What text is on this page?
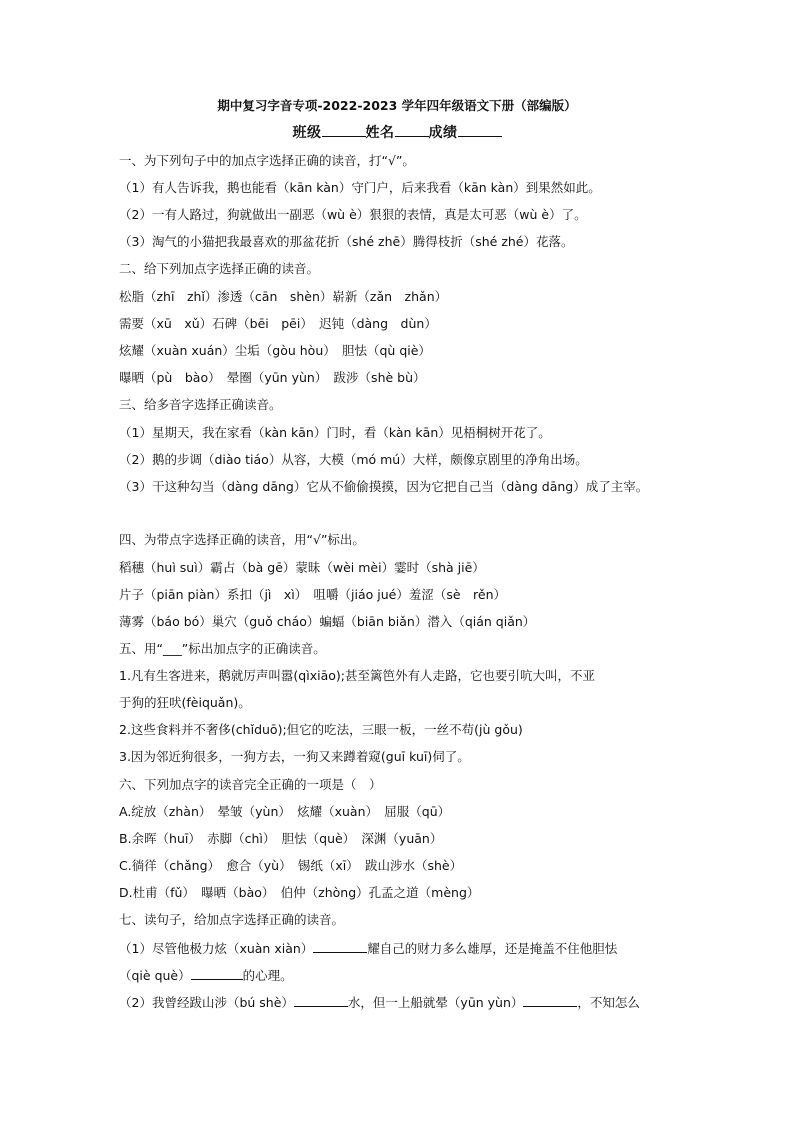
期中复习字音专项-2022-2023 学年四年级语文下册（部编版）
班级	姓名 成绩
一、为下列句子中的加点字选择正确的读音，打“√”。
（1）有人告诉我，鹅也能看（kān kàn）守门户，后来我看（kān kàn）到果然如此。
（2）一有人路过，狗就做出一副恶（wù è）狠狠的表情，真是太可恶（wù è）了。
（3）淘气的小猫把我最喜欢的那盆花折（shé zhē）腾得枝折（shé zhé）花落。
二、给下列加点字选择正确的读音。
松脂（zhī　zhǐ）渗透（cān　shèn）崭新（zǎn　zhǎn）
需要（xū　xǔ）石碑（bēi　pēi）　迟钝（dàng　dùn）
炫耀（xuàn xuán）尘垢（gòu hòu）　胆怯（qù qiè）
曝晒（pù　bào）　晕圈（yūn yùn）　跋涉（shè bù）
三、给多音字选择正确读音。
（1）星期天，我在家看（kàn kān）门时，看（kàn kān）见梧桐树开花了。
（2）鹅的步调（diào tiáo）从容，大模（mó mú）大样，颇像京剧里的净角出场。
（3）干这种勾当（dàng dāng）它从不偷偷摸摸，因为它把自己当（dàng dāng）成了主宰。
四、为带点字选择正确的读音，用“√”标出。
稻穗（huì suì）霸占（bà gē）蒙昧（wèi mèi）霎时（shà jiē）
片子（piān piàn）系扣（jì　xì）　咀嚼（jiáo jué）羞涩（sè　rěn）
薄雾（báo bó）巢穴（guǒ cháo）蝙蝠（biān biǎn）潜入（qián qiǎn）
五、用“___”标出加点字的正确读音。
1.凡有生客进来，鹅就厉声叫嚣(qìxiāo);甚至篱笆外有人走路，它也要引吭大叫，不亚
于狗的狂吠(fèiquǎn)。
2.这些食料并不奢侈(chǐduō);但它的吃法，三眼一板，一丝不苟(jù gǒu)
3.因为邻近狗很多，一狗方去，一狗又来蹲着窥(guī kuī)伺了。
六、下列加点字的读音完全正确的一项是（　）
A.绽放（zhàn）　晕皱（yùn）　炫耀（xuàn）　屈服（qū）
B.余晖（huī）　赤脚（chì）　胆怯（què）　深渊（yuān）
C.徜徉（chǎng）　愈合（yù）　锡纸（xī）　跋山涉水（shè）
D.杜甫（fǔ）　曝晒（bào）　伯仲（zhòng）孔孟之道（mèng）
七、读句子，给加点字选择正确的读音。
（1）尽管他极力炫（xuàn xiàn）	耀自己的财力多么雄厚，还是掩盖不住他胆怯
（qiè què）	的心理。
（2）我曾经跋山涉（bú shè）	水，但一上船就晕（yūn yùn）	，不知怎么
